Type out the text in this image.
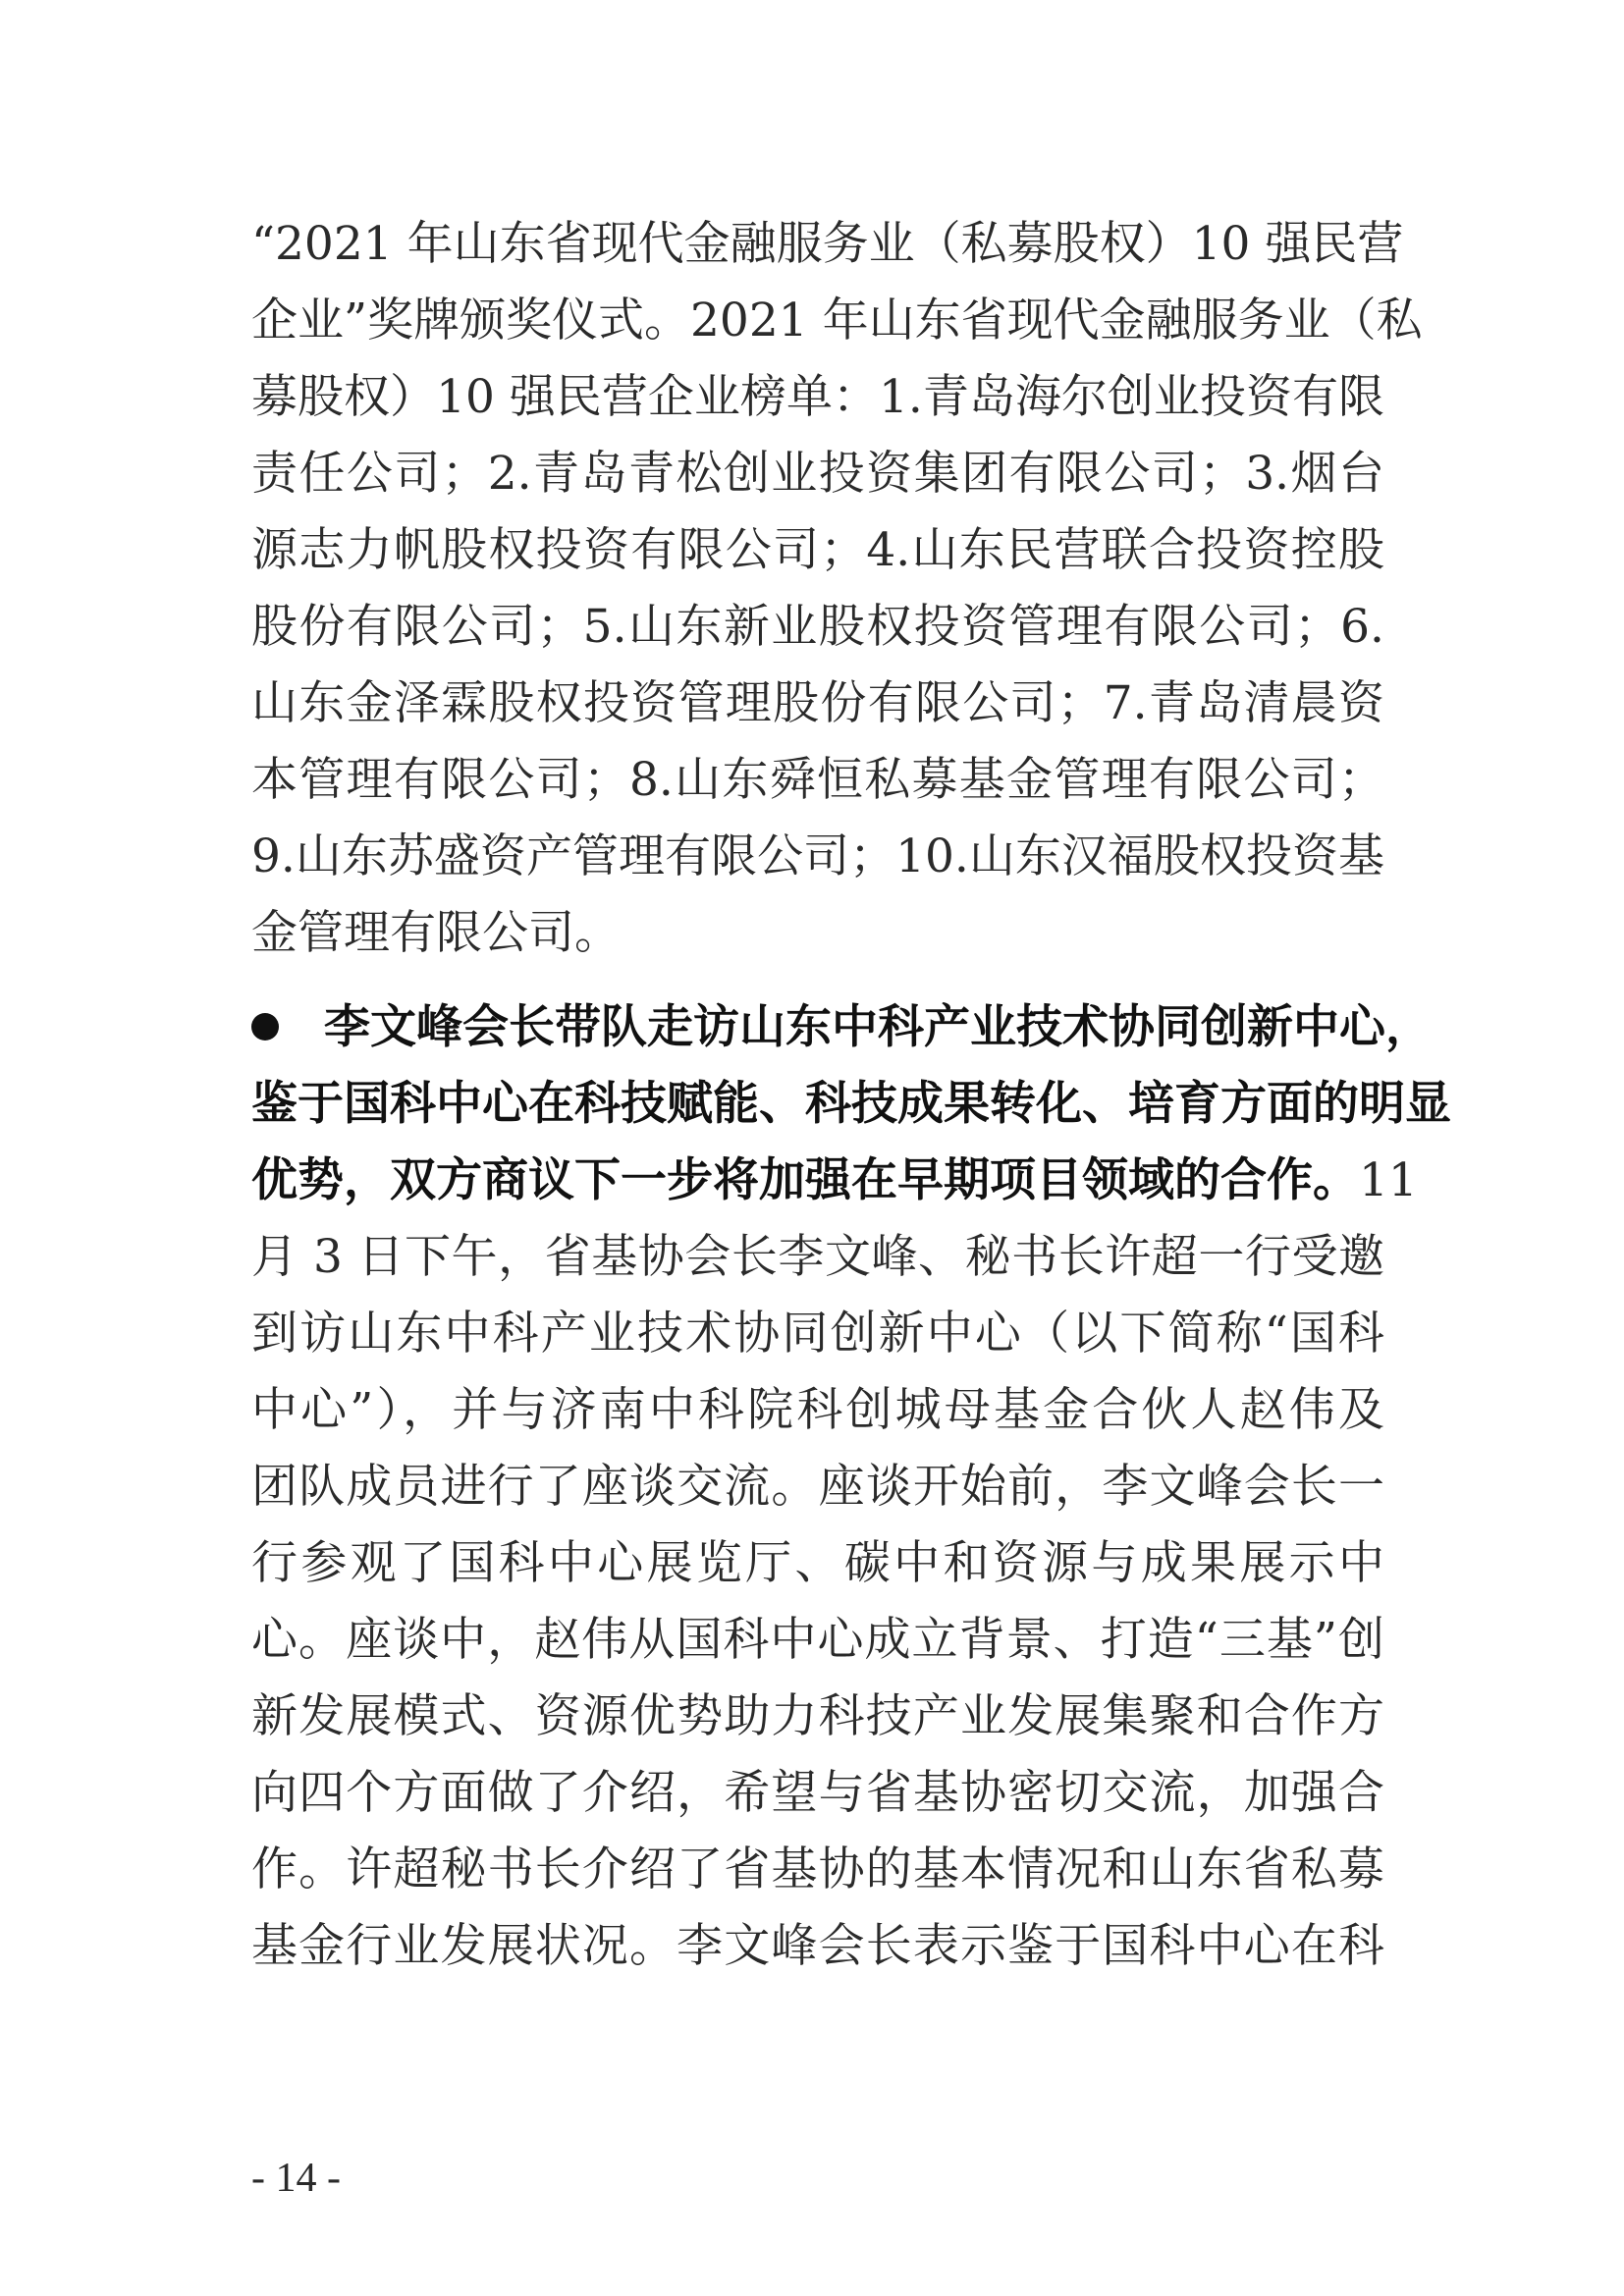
“2021 年山东省现代金融服务业（私募股权）10 强民营
企业”奖牌颁奖仪式。2021 年山东省现代金融服务业（私
募股权）10 强民营企业榜单：1.青岛海尔创业投资有限
责任公司；2.青岛青松创业投资集团有限公司；3.烟台
源志力帆股权投资有限公司；4.山东民营联合投资控股
股份有限公司；5.山东新业股权投资管理有限公司；6.
山东金泽霖股权投资管理股份有限公司；7.青岛清晨资
本管理有限公司；8.山东舜恒私募基金管理有限公司；
9.山东苏盛资产管理有限公司；10.山东汉福股权投资基
金管理有限公司。
李文峰会长带队走访山东中科产业技术协同创新中心，
鉴于国科中心在科技赋能、科技成果转化、培育方面的明显
优势，双方商议下一步将加强在早期项目领域的合作。11
月 3 日下午，省基协会长李文峰、秘书长许超一行受邀
到访山东中科产业技术协同创新中心（以下简称“国科
中心”），并与济南中科院科创城母基金合伙人赵伟及
团队成员进行了座谈交流。座谈开始前，李文峰会长一
行参观了国科中心展览厅、碳中和资源与成果展示中
心。座谈中，赵伟从国科中心成立背景、打造“三基”创
新发展模式、资源优势助力科技产业发展集聚和合作方
向四个方面做了介绍，希望与省基协密切交流，加强合
作。许超秘书长介绍了省基协的基本情况和山东省私募
基金行业发展状况。李文峰会长表示鉴于国科中心在科
- 14 -
